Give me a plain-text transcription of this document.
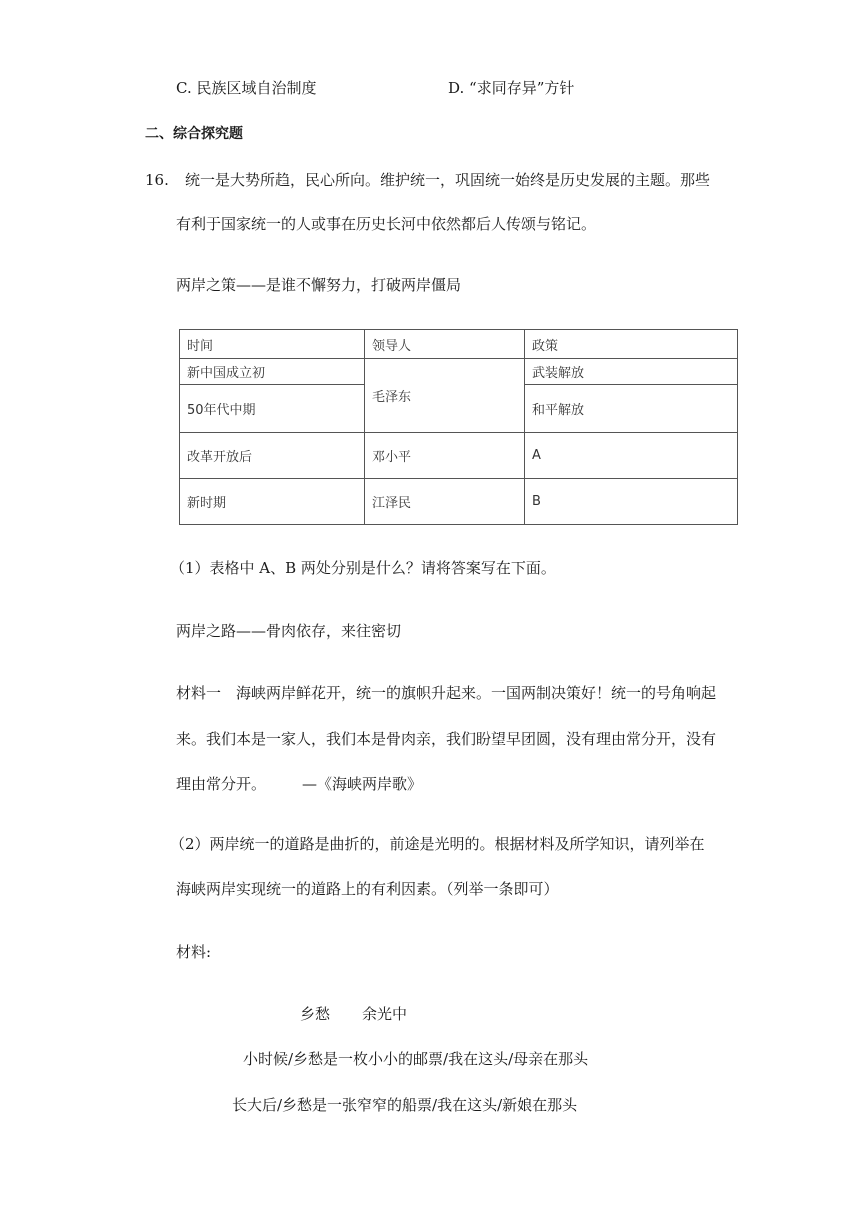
C. 民族区域自治制度	D. “求同存异”方针
二、综合探究题
16. 统一是大势所趋，民心所向。维护统一，巩固统一始终是历史发展的主题。那些
有利于国家统一的人或事在历史长河中依然都后人传颂与铭记。
两岸之策——是谁不懈努力，打破两岸僵局
时间	领导人	政策
新中国成立初	毛泽东	武装解放
50年代中期		和平解放
改革开放后	邓小平	A
新时期	江泽民	B
（1）表格中 A、B 两处分别是什么？请将答案写在下面。
两岸之路——骨肉依存，来往密切
材料一　海峡两岸鲜花开，统一的旗帜升起来。一国两制决策好！统一的号角响起
来。我们本是一家人，我们本是骨肉亲，我们盼望早团圆，没有理由常分开，没有
理由常分开。 —《海峡两岸歌》
（2）两岸统一的道路是曲折的，前途是光明的。根据材料及所学知识，请列举在
海峡两岸实现统一的道路上的有利因素。（列举一条即可）
材料:
乡愁 余光中
小时候/乡愁是一枚小小的邮票/我在这头/母亲在那头
长大后/乡愁是一张窄窄的船票/我在这头/新娘在那头
